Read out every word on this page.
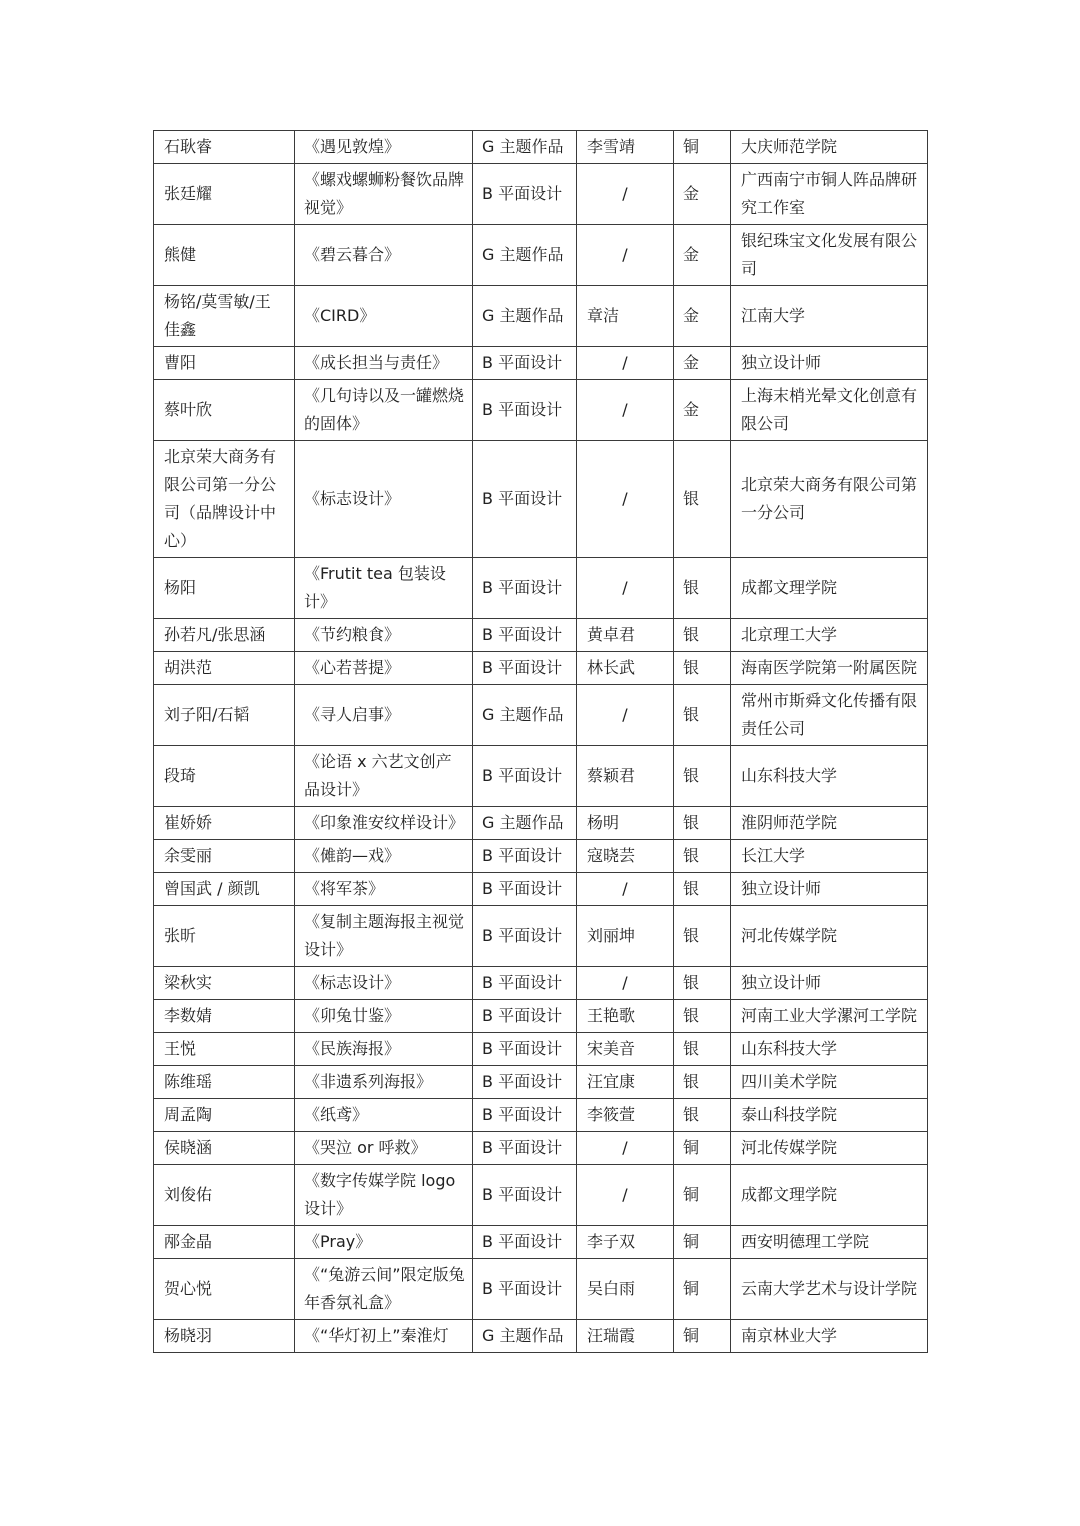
石耿睿	《遇见敦煌》	G 主题作品	李雪靖	铜	大庆师范学院
张廷耀	《螺戏螺蛳粉餐饮品牌视觉》	B 平面设计	/	金	广西南宁市铜人阵品牌研究工作室
熊健	《碧云暮合》	G 主题作品	/	金	银纪珠宝文化发展有限公司
杨铭/莫雪敏/王佳鑫	《CIRD》	G 主题作品	章洁	金	江南大学
曹阳	《成长担当与责任》	B 平面设计	/	金	独立设计师
蔡叶欣	《几句诗以及一罐燃烧的固体》	B 平面设计	/	金	上海末梢光晕文化创意有限公司
北京荣大商务有限公司第一分公司（品牌设计中心）	《标志设计》	B 平面设计	/	银	北京荣大商务有限公司第一分公司
杨阳	《Frutit tea 包装设计》	B 平面设计	/	银	成都文理学院
孙若凡/张思涵	《节约粮食》	B 平面设计	黄卓君	银	北京理工大学
胡洪范	《心若菩提》	B 平面设计	林长武	银	海南医学院第一附属医院
刘子阳/石韬	《寻人启事》	G 主题作品	/	银	常州市斯舜文化传播有限责任公司
段琦	《论语 x 六艺文创产品设计》	B 平面设计	蔡颖君	银	山东科技大学
崔娇娇	《印象淮安纹样设计》	G 主题作品	杨明	银	淮阴师范学院
余雯丽	《傩韵—戏》	B 平面设计	寇晓芸	银	长江大学
曾国武 / 颜凯	《将军茶》	B 平面设计	/	银	独立设计师
张昕	《复制主题海报主视觉设计》	B 平面设计	刘丽坤	银	河北传媒学院
梁秋实	《标志设计》	B 平面设计	/	银	独立设计师
李数婧	《卯兔廿鉴》	B 平面设计	王艳歌	银	河南工业大学漯河工学院
王悦	《民族海报》	B 平面设计	宋美音	银	山东科技大学
陈维瑶	《非遗系列海报》	B 平面设计	汪宜康	银	四川美术学院
周孟陶	《纸鸢》	B 平面设计	李筱萱	银	泰山科技学院
侯晓涵	《哭泣 or 呼救》	B 平面设计	/	铜	河北传媒学院
刘俊佑	《数字传媒学院 logo 设计》	B 平面设计	/	铜	成都文理学院
邴金晶	《Pray》	B 平面设计	李子双	铜	西安明德理工学院
贺心悦	《“兔游云间”限定版兔年香氛礼盒》	B 平面设计	吴白雨	铜	云南大学艺术与设计学院
杨晓羽	《“华灯初上”秦淮灯	G 主题作品	汪瑞霞	铜	南京林业大学
